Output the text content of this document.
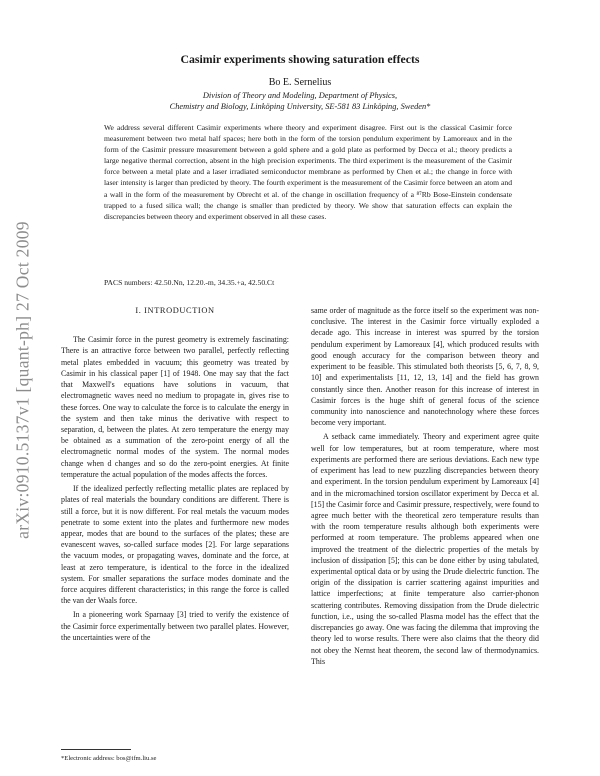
arXiv:0910.5137v1 [quant-ph] 27 Oct 2009
Casimir experiments showing saturation effects
Bo E. Sernelius
Division of Theory and Modeling, Department of Physics,
Chemistry and Biology, Linköping University, SE-581 83 Linköping, Sweden*
We address several different Casimir experiments where theory and experiment disagree. First out is the classical Casimir force measurement between two metal half spaces; here both in the form of the torsion pendulum experiment by Lamoreaux and in the form of the Casimir pressure measurement between a gold sphere and a gold plate as performed by Decca et al.; theory predicts a large negative thermal correction, absent in the high precision experiments. The third experiment is the measurement of the Casimir force between a metal plate and a laser irradiated semiconductor membrane as performed by Chen et al.; the change in force with laser intensity is larger than predicted by theory. The fourth experiment is the measurement of the Casimir force between an atom and a wall in the form of the measurement by Obrecht et al. of the change in oscillation frequency of a ⁸⁷Rb Bose-Einstein condensate trapped to a fused silica wall; the change is smaller than predicted by theory. We show that saturation effects can explain the discrepancies between theory and experiment observed in all these cases.
PACS numbers: 42.50.Nn, 12.20.-m, 34.35.+a, 42.50.Ct

I. INTRODUCTION

The Casimir force in the purest geometry is extremely fascinating: There is an attractive force between two parallel, perfectly reflecting metal plates embedded in vacuum; this geometry was treated by Casimir in his classical paper [1] of 1948. One may say that the fact that Maxwell's equations have solutions in vacuum, that electromagnetic waves need no medium to propagate in, gives rise to these forces. One way to calculate the force is to calculate the energy in the system and then take minus the derivative with respect to separation, d, between the plates. At zero temperature the energy may be obtained as a summation of the zero-point energy of all the electromagnetic normal modes of the system. The normal modes change when d changes and so do the zero-point energies. At finite temperature the actual population of the modes affects the forces.

If the idealized perfectly reflecting metallic plates are replaced by plates of real materials the boundary conditions are different. There is still a force, but it is now different. For real metals the vacuum modes penetrate to some extent into the plates and furthermore new modes appear, modes that are bound to the surfaces of the plates; these are evanescent waves, so-called surface modes [2]. For large separations the vacuum modes, or propagating waves, dominate and the force, at least at zero temperature, is identical to the force in the idealized system. For smaller separations the surface modes dominate and the force acquires different characteristics; in this range the force is called the van der Waals force.

In a pioneering work Sparnaay [3] tried to verify the existence of the Casimir force experimentally between two parallel plates. However, the uncertainties were of the

same order of magnitude as the force itself so the experiment was non-conclusive. The interest in the Casimir force virtually exploded a decade ago. This increase in interest was spurred by the torsion pendulum experiment by Lamoreaux [4], which produced results with good enough accuracy for the comparison between theory and experiment to be feasible. This stimulated both theorists [5, 6, 7, 8, 9, 10] and experimentalists [11, 12, 13, 14] and the field has grown constantly since then. Another reason for this increase of interest in Casimir forces is the huge shift of general focus of the science community into nanoscience and nanotechnology where these forces become very important.

A setback came immediately. Theory and experiment agree quite well for low temperatures, but at room temperature, where most experiments are performed there are serious deviations. Each new type of experiment has lead to new puzzling discrepancies between theory and experiment. In the torsion pendulum experiment by Lamoreaux [4] and in the micromachined torsion oscillator experiment by Decca et al. [15] the Casimir force and Casimir pressure, respectively, were found to agree much better with the theoretical zero temperature results than with the room temperature results although both experiments were performed at room temperature. The problems appeared when one improved the treatment of the dielectric properties of the metals by inclusion of dissipation [5]; this can be done either by using tabulated, experimental optical data or by using the Drude dielectric function. The origin of the dissipation is carrier scattering against impurities and lattice imperfections; at finite temperature also carrier-phonon scattering contributes. Removing dissipation from the Drude dielectric function, i.e., using the so-called Plasma model has the effect that the discrepancies go away. One was facing the dilemma that improving the theory led to worse results. There were also claims that the theory did not obey the Nernst heat theorem, the second law of thermodynamics. This

*Electronic address: bos@ifm.liu.se
